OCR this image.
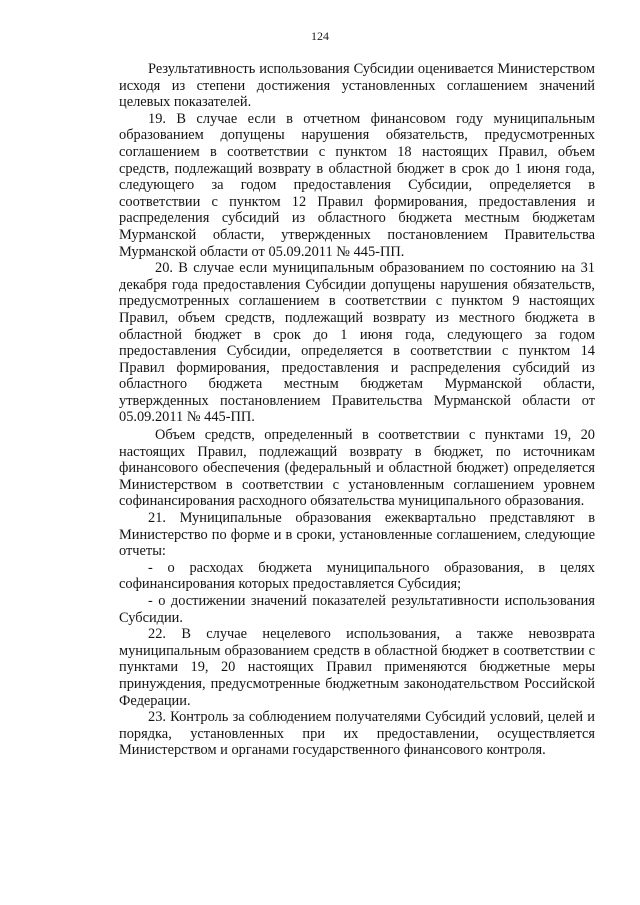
124

Результативность использования Субсидии оценивается Министерством исходя из степени достижения установленных соглашением значений целевых показателей.

19. В случае если в отчетном финансовом году муниципальным образованием допущены нарушения обязательств, предусмотренных соглашением в соответствии с пунктом 18 настоящих Правил, объем средств, подлежащий возврату в областной бюджет в срок до 1 июня года, следующего за годом предоставления Субсидии, определяется в соответствии с пунктом 12 Правил формирования, предоставления и распределения субсидий из областного бюджета местным бюджетам Мурманской области, утвержденных постановлением Правительства Мурманской области от 05.09.2011 № 445-ПП.

20. В случае если муниципальным образованием по состоянию на 31 декабря года предоставления Субсидии допущены нарушения обязательств, предусмотренных соглашением в соответствии с пунктом 9 настоящих Правил, объем средств, подлежащий возврату из местного бюджета в областной бюджет в срок до 1 июня года, следующего за годом предоставления Субсидии, определяется в соответствии с пунктом 14 Правил формирования, предоставления и распределения субсидий из областного бюджета местным бюджетам Мурманской области, утвержденных постановлением Правительства Мурманской области от 05.09.2011 № 445-ПП.

Объем средств, определенный в соответствии с пунктами 19, 20 настоящих Правил, подлежащий возврату в бюджет, по источникам финансового обеспечения (федеральный и областной бюджет) определяется Министерством в соответствии с установленным соглашением уровнем софинансирования расходного обязательства муниципального образования.

21. Муниципальные образования ежеквартально представляют в Министерство по форме и в сроки, установленные соглашением, следующие отчеты:

- о расходах бюджета муниципального образования, в целях софинансирования которых предоставляется Субсидия;

- о достижении значений показателей результативности использования Субсидии.

22. В случае нецелевого использования, а также невозврата муниципальным образованием средств в областной бюджет в соответствии с пунктами 19, 20 настоящих Правил применяются бюджетные меры принуждения, предусмотренные бюджетным законодательством Российской Федерации.

23. Контроль за соблюдением получателями Субсидий условий, целей и порядка, установленных при их предоставлении, осуществляется Министерством и органами государственного финансового контроля.
